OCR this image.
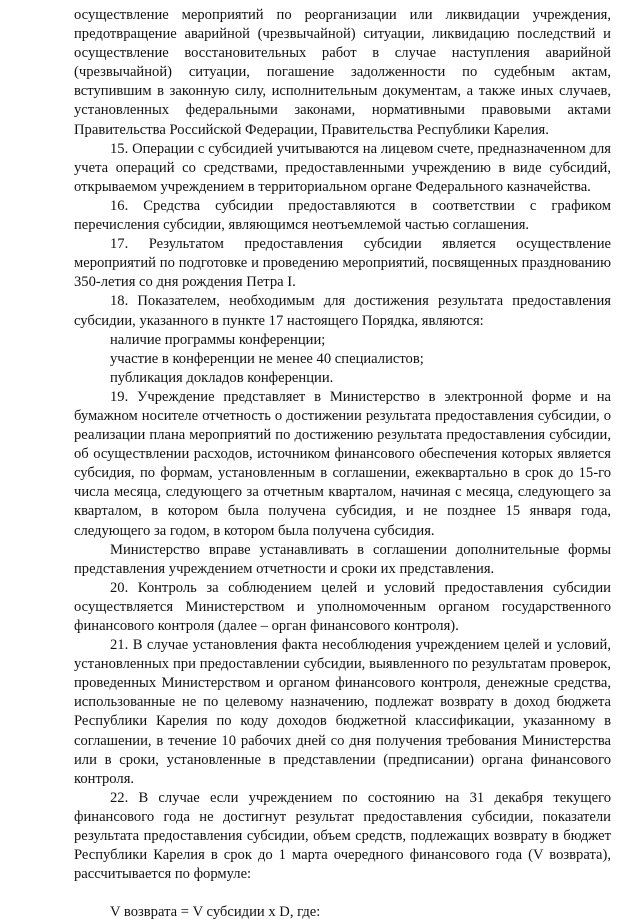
осуществление мероприятий по реорганизации или ликвидации учреждения, предотвращение аварийной (чрезвычайной) ситуации, ликвидацию последствий и осуществление восстановительных работ в случае наступления аварийной (чрезвычайной) ситуации, погашение задолженности по судебным актам, вступившим в законную силу, исполнительным документам, а также иных случаев, установленных федеральными законами, нормативными правовыми актами Правительства Российской Федерации, Правительства Республики Карелия.

15. Операции с субсидией учитываются на лицевом счете, предназначенном для учета операций со средствами, предоставленными учреждению в виде субсидий, открываемом учреждением в территориальном органе Федерального казначейства.

16. Средства субсидии предоставляются в соответствии с графиком перечисления субсидии, являющимся неотъемлемой частью соглашения.

17. Результатом предоставления субсидии является осуществление мероприятий по подготовке и проведению мероприятий, посвященных празднованию 350-летия со дня рождения Петра I.

18. Показателем, необходимым для достижения результата предоставления субсидии, указанного в пункте 17 настоящего Порядка, являются:

наличие программы конференции;

участие в конференции не менее 40 специалистов;

публикация докладов конференции.

19. Учреждение представляет в Министерство в электронной форме и на бумажном носителе отчетность о достижении результата предоставления субсидии, о реализации плана мероприятий по достижению результата предоставления субсидии, об осуществлении расходов, источником финансового обеспечения которых является субсидия, по формам, установленным в соглашении, ежеквартально в срок до 15-го числа месяца, следующего за отчетным кварталом, начиная с месяца, следующего за кварталом, в котором была получена субсидия, и не позднее 15 января года, следующего за годом, в котором была получена субсидия.

Министерство вправе устанавливать в соглашении дополнительные формы представления учреждением отчетности и сроки их представления.

20. Контроль за соблюдением целей и условий предоставления субсидии осуществляется Министерством и уполномоченным органом государственного финансового контроля (далее – орган финансового контроля).

21. В случае установления факта несоблюдения учреждением целей и условий, установленных при предоставлении субсидии, выявленного по результатам проверок, проведенных Министерством и органом финансового контроля, денежные средства, использованные не по целевому назначению, подлежат возврату в доход бюджета Республики Карелия по коду доходов бюджетной классификации, указанному в соглашении, в течение 10 рабочих дней со дня получения требования Министерства или в сроки, установленные в представлении (предписании) органа финансового контроля.

22. В случае если учреждением по состоянию на 31 декабря текущего финансового года не достигнут результат предоставления субсидии, показатели результата предоставления субсидии, объем средств, подлежащих возврату в бюджет Республики Карелия в срок до 1 марта очередного финансового года (V возврата), рассчитывается по формуле:

V возврата = V субсидии x D, где:
